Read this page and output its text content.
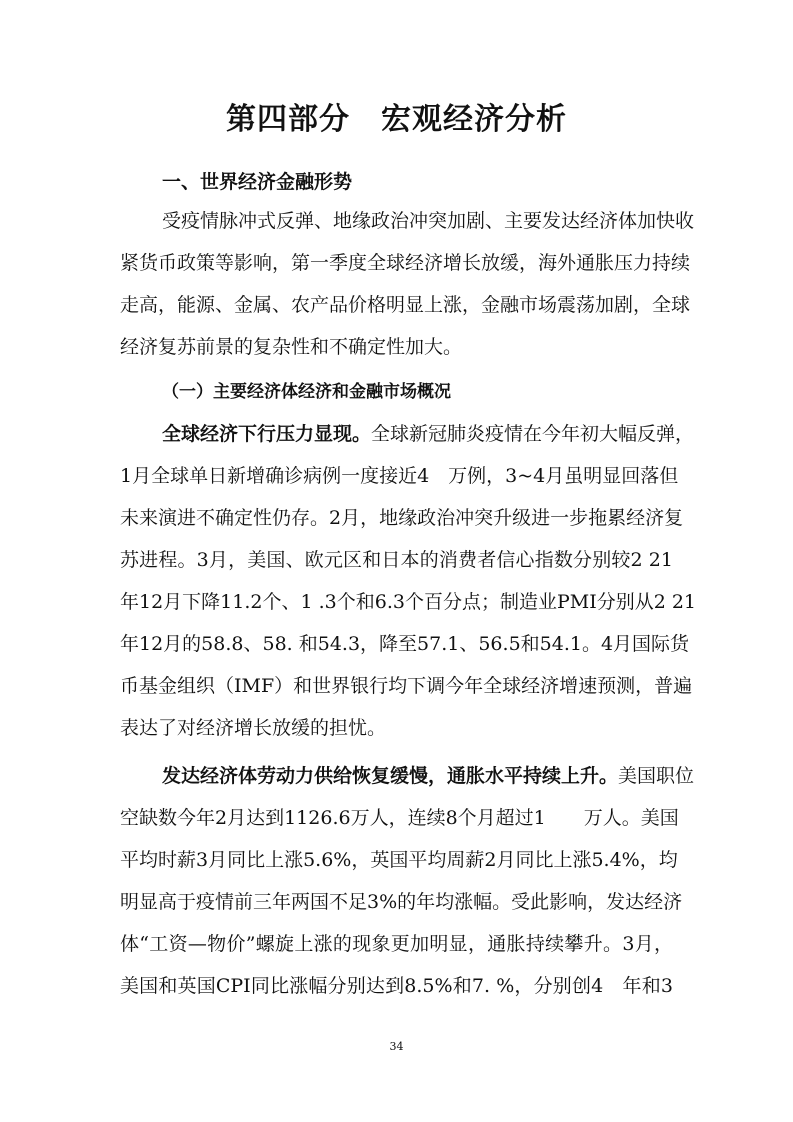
第四部分　宏观经济分析
一、世界经济金融形势
受疫情脉冲式反弹、地缘政治冲突加剧、主要发达经济体加快收
紧货币政策等影响，第一季度全球经济增长放缓，海外通胀压力持续
走高，能源、金属、农产品价格明显上涨，金融市场震荡加剧，全球
经济复苏前景的复杂性和不确定性加大。
（一）主要经济体经济和金融市场概况
全球经济下行压力显现。全球新冠肺炎疫情在今年初大幅反弹，
1月全球单日新增确诊病例一度接近4　万例，3~4月虽明显回落但
未来演进不确定性仍存。2月，地缘政治冲突升级进一步拖累经济复
苏进程。3月，美国、欧元区和日本的消费者信心指数分别较2 21
年12月下降11.2个、1 .3个和6.3个百分点；制造业PMI分别从2 21
年12月的58.8、58. 和54.3，降至57.1、56.5和54.1。4月国际货
币基金组织（IMF）和世界银行均下调今年全球经济增速预测，普遍
表达了对经济增长放缓的担忧。
发达经济体劳动力供给恢复缓慢，通胀水平持续上升。美国职位
空缺数今年2月达到1126.6万人，连续8个月超过1　　万人。美国
平均时薪3月同比上涨5.6%，英国平均周薪2月同比上涨5.4%，均
明显高于疫情前三年两国不足3%的年均涨幅。受此影响，发达经济
体“工资—物价”螺旋上涨的现象更加明显，通胀持续攀升。3月，
美国和英国CPI同比涨幅分别达到8.5%和7. %，分别创4　年和3
34
